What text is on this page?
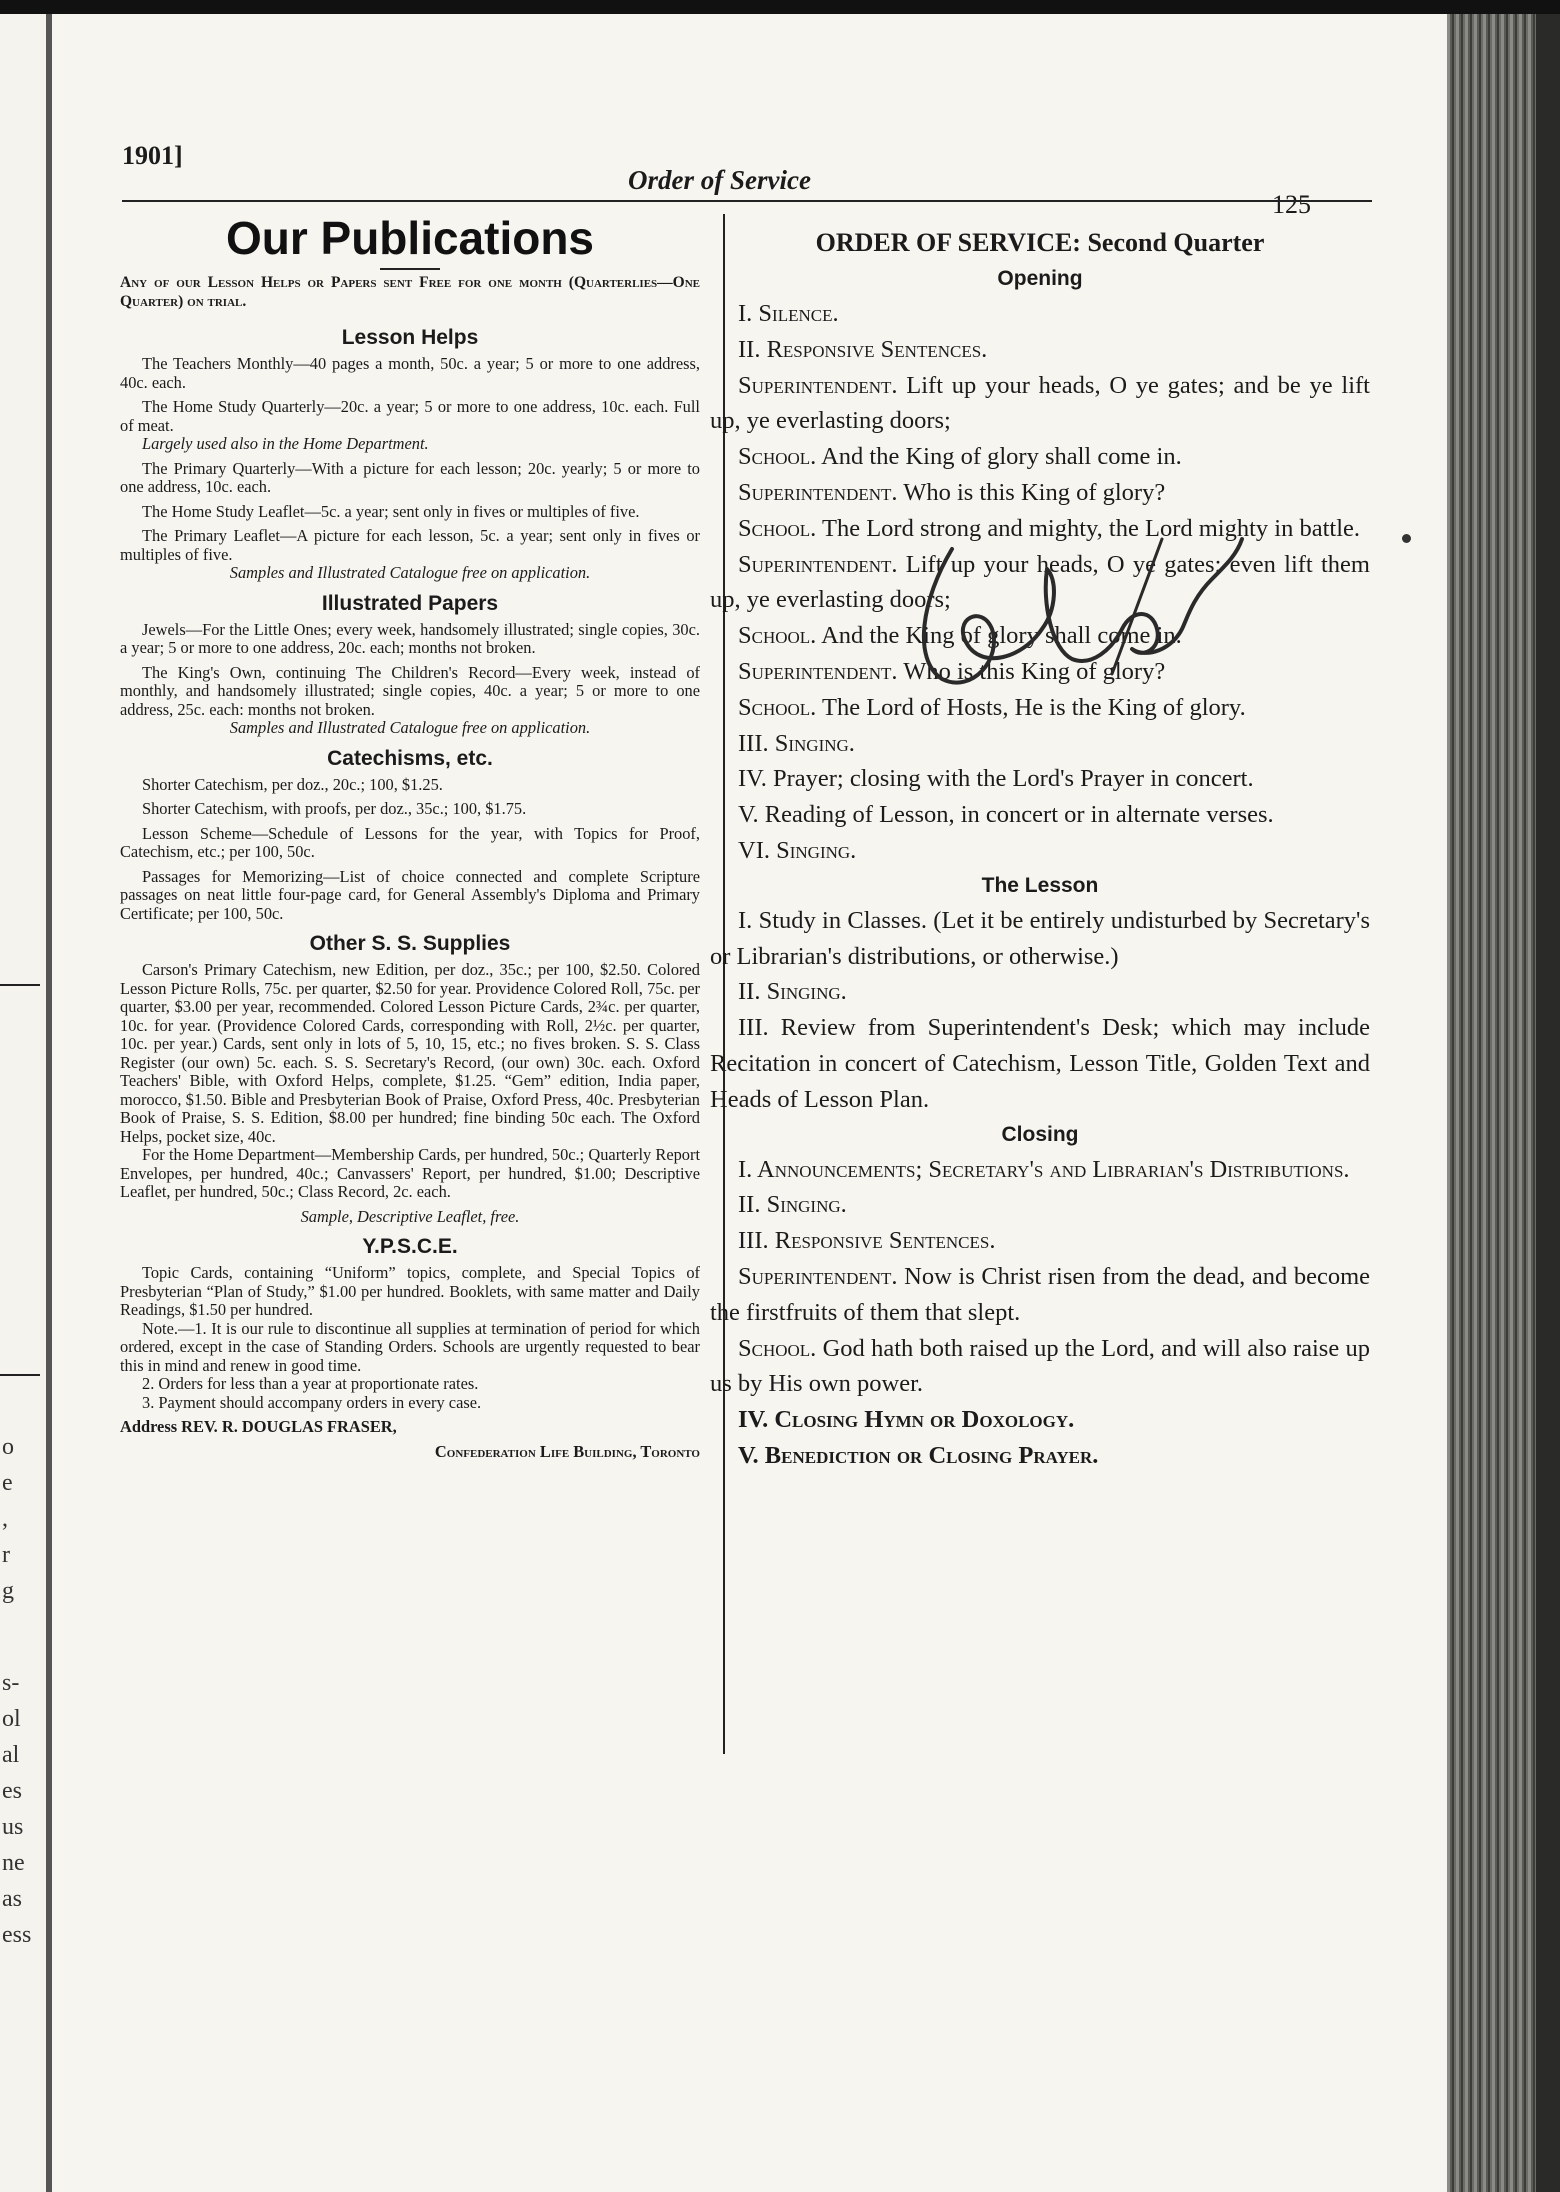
o
e
,
r
g
s-
ol
al
es
us
ne
as
ess
1901]
Order of Service
125
Our Publications

Any of our Lesson Helps or Papers sent Free for one month (Quarterlies—One Quarter) on trial.

Lesson Helps

The Teachers Monthly—40 pages a month, 50c. a year; 5 or more to one address, 40c. each.

The Home Study Quarterly—20c. a year; 5 or more to one address, 10c. each. Full of meat.

Largely used also in the Home Department.

The Primary Quarterly—With a picture for each lesson; 20c. yearly; 5 or more to one address, 10c. each.

The Home Study Leaflet—5c. a year; sent only in fives or multiples of five.

The Primary Leaflet—A picture for each lesson, 5c. a year; sent only in fives or multiples of five.

Samples and Illustrated Catalogue free on application.

Illustrated Papers

Jewels—For the Little Ones; every week, handsomely illustrated; single copies, 30c. a year; 5 or more to one address, 20c. each; months not broken.

The King's Own, continuing The Children's Record—Every week, instead of monthly, and handsomely illustrated; single copies, 40c. a year; 5 or more to one address, 25c. each: months not broken.

Samples and Illustrated Catalogue free on application.

Catechisms, etc.

Shorter Catechism, per doz., 20c.; 100, $1.25.

Shorter Catechism, with proofs, per doz., 35c.; 100, $1.75.

Lesson Scheme—Schedule of Lessons for the year, with Topics for Proof, Catechism, etc.; per 100, 50c.

Passages for Memorizing—List of choice connected and complete Scripture passages on neat little four-page card, for General Assembly's Diploma and Primary Certificate; per 100, 50c.

Other S. S. Supplies

Carson's Primary Catechism, new Edition, per doz., 35c.; per 100, $2.50. Colored Lesson Picture Rolls, 75c. per quarter, $2.50 for year. Providence Colored Roll, 75c. per quarter, $3.00 per year, recommended. Colored Lesson Picture Cards, 2¾c. per quarter, 10c. for year. (Providence Colored Cards, corresponding with Roll, 2½c. per quarter, 10c. per year.) Cards, sent only in lots of 5, 10, 15, etc.; no fives broken. S. S. Class Register (our own) 5c. each. S. S. Secretary's Record, (our own) 30c. each. Oxford Teachers' Bible, with Oxford Helps, complete, $1.25. “Gem” edition, India paper, morocco, $1.50. Bible and Presbyterian Book of Praise, Oxford Press, 40c. Presbyterian Book of Praise, S. S. Edition, $8.00 per hundred; fine binding 50c each. The Oxford Helps, pocket size, 40c.

For the Home Department—Membership Cards, per hundred, 50c.; Quarterly Report Envelopes, per hundred, 40c.; Canvassers' Report, per hundred, $1.00; Descriptive Leaflet, per hundred, 50c.; Class Record, 2c. each.

Sample, Descriptive Leaflet, free.

Y.P.S.C.E.

Topic Cards, containing “Uniform” topics, complete, and Special Topics of Presbyterian “Plan of Study,” $1.00 per hundred. Booklets, with same matter and Daily Readings, $1.50 per hundred.

Note.—1. It is our rule to discontinue all supplies at termination of period for which ordered, except in the case of Standing Orders. Schools are urgently requested to bear this in mind and renew in good time.

2. Orders for less than a year at proportionate rates.

3. Payment should accompany orders in every case.

Address REV. R. DOUGLAS FRASER,

Confederation Life Building, Toronto

ORDER OF SERVICE: Second Quarter
Opening

I. Silence.

II. Responsive Sentences.

Superintendent. Lift up your heads, O ye gates; and be ye lift up, ye everlasting doors;

School. And the King of glory shall come in.

Superintendent. Who is this King of glory?

School. The Lord strong and mighty, the Lord mighty in battle.

Superintendent. Lift up your heads, O ye gates; even lift them up, ye everlasting doors;

School. And the King of glory shall come in.

Superintendent. Who is this King of glory?

School. The Lord of Hosts, He is the King of glory.

III. Singing.

IV. Prayer; closing with the Lord's Prayer in concert.

V. Reading of Lesson, in concert or in alternate verses.

VI. Singing.

The Lesson

I. Study in Classes. (Let it be entirely undisturbed by Secretary's or Librarian's distributions, or otherwise.)

II. Singing.

III. Review from Superintendent's Desk; which may include Recitation in concert of Catechism, Lesson Title, Golden Text and Heads of Lesson Plan.

Closing

I. Announcements; Secretary's and Librarian's Distributions.

II. Singing.

III. Responsive Sentences.

Superintendent. Now is Christ risen from the dead, and become the firstfruits of them that slept.

School. God hath both raised up the Lord, and will also raise up us by His own power.

IV. Closing Hymn or Doxology.

V. Benediction or Closing Prayer.
